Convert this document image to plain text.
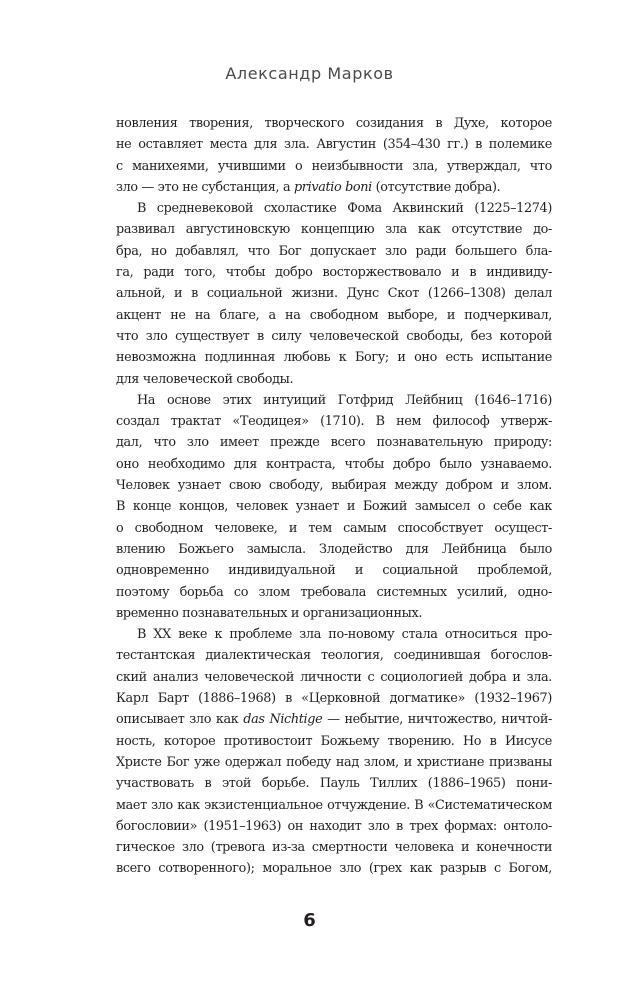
Александр Марков
новления творения, творческого созидания в Духе, которое
не оставляет места для зла. Августин (354–430 гг.) в полемике
с манихеями, учившими о неизбывности зла, утверждал, что
зло — это не субстанция, а privatio boni (отсутствие добра).
В средневековой схоластике Фома Аквинский (1225–1274)
развивал августиновскую концепцию зла как отсутствие до-
бра, но добавлял, что Бог допускает зло ради большего бла-
га, ради того, чтобы добро восторжествовало и в индивиду-
альной, и в социальной жизни. Дунс Скот (1266–1308) делал
акцент не на благе, а на свободном выборе, и подчеркивал,
что зло существует в силу человеческой свободы, без которой
невозможна подлинная любовь к Богу; и оно есть испытание
для человеческой свободы.
На основе этих интуиций Готфрид Лейбниц (1646–1716)
создал трактат «Теодицея» (1710). В нем философ утверж-
дал, что зло имеет прежде всего познавательную природу:
оно необходимо для контраста, чтобы добро было узнаваемо.
Человек узнает свою свободу, выбирая между добром и злом.
В конце концов, человек узнает и Божий замысел о себе как
о свободном человеке, и тем самым способствует осущест-
влению Божьего замысла. Злодейство для Лейбница было
одновременно индивидуальной и социальной проблемой,
поэтому борьба со злом требовала системных усилий, одно-
временно познавательных и организационных.
В XX веке к проблеме зла по-новому стала относиться про-
тестантская диалектическая теология, соединившая богослов-
ский анализ человеческой личности с социологией добра и зла.
Карл Барт (1886–1968) в «Церковной догматике» (1932–1967)
описывает зло как das Nichtige — небытие, ничтожество, ничтой-
ность, которое противостоит Божьему творению. Но в Иисусе
Христе Бог уже одержал победу над злом, и христиане призваны
участвовать в этой борьбе. Пауль Тиллих (1886–1965) пони-
мает зло как экзистенциальное отчуждение. В «Систематическом
богословии» (1951–1963) он находит зло в трех формах: онтоло-
гическое зло (тревога из-за смертности человека и конечности
всего сотворенного); моральное зло (грех как разрыв с Богом,
6
